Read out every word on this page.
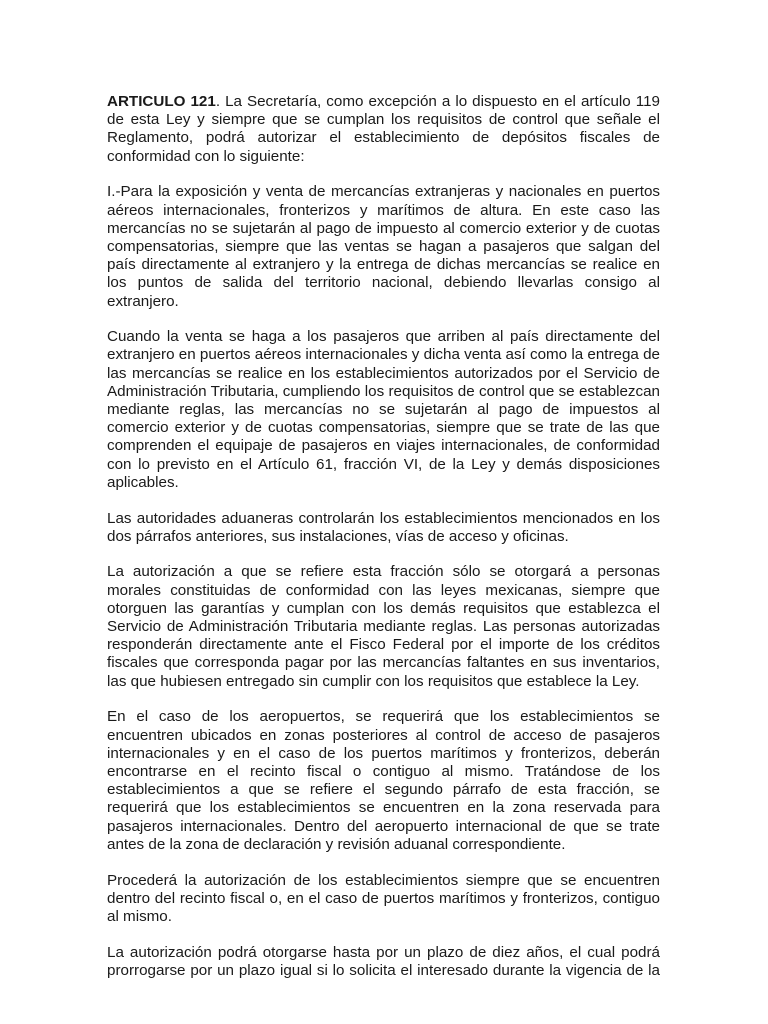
ARTICULO 121. La Secretaría, como excepción a lo dispuesto en el artículo 119 de esta Ley y siempre que se cumplan los requisitos de control que señale el Reglamento, podrá autorizar el establecimiento de depósitos fiscales de conformidad con lo siguiente:

I.-Para la exposición y venta de mercancías extranjeras y nacionales en puertos aéreos internacionales, fronterizos y marítimos de altura. En este caso las mercancías no se sujetarán al pago de impuesto al comercio exterior y de cuotas compensatorias, siempre que las ventas se hagan a pasajeros que salgan del país directamente al extranjero y la entrega de dichas mercancías se realice en los puntos de salida del territorio nacional, debiendo llevarlas consigo al extranjero.

Cuando la venta se haga a los pasajeros que arriben al país directamente del extranjero en puertos aéreos internacionales y dicha venta así como la entrega de las mercancías se realice en los establecimientos autorizados por el Servicio de Administración Tributaria, cumpliendo los requisitos de control que se establezcan mediante reglas, las mercancías no se sujetarán al pago de impuestos al comercio exterior y de cuotas compensatorias, siempre que se trate de las que comprenden el equipaje de pasajeros en viajes internacionales, de conformidad con lo previsto en el Artículo 61, fracción VI, de la Ley y demás disposiciones aplicables.

Las autoridades aduaneras controlarán los establecimientos mencionados en los dos párrafos anteriores, sus instalaciones, vías de acceso y oficinas.

La autorización a que se refiere esta fracción sólo se otorgará a personas morales constituidas de conformidad con las leyes mexicanas, siempre que otorguen las garantías y cumplan con los demás requisitos que establezca el Servicio de Administración Tributaria mediante reglas. Las personas autorizadas responderán directamente ante el Fisco Federal por el importe de los créditos fiscales que corresponda pagar por las mercancías faltantes en sus inventarios, las que hubiesen entregado sin cumplir con los requisitos que establece la Ley.

En el caso de los aeropuertos, se requerirá que los establecimientos se encuentren ubicados en zonas posteriores al control de acceso de pasajeros internacionales y en el caso de los puertos marítimos y fronterizos, deberán encontrarse en el recinto fiscal o contiguo al mismo. Tratándose de los establecimientos a que se refiere el segundo párrafo de esta fracción, se requerirá que los establecimientos se encuentren en la zona reservada para pasajeros internacionales. Dentro del aeropuerto internacional de que se trate antes de la zona de declaración y revisión aduanal correspondiente.

Procederá la autorización de los establecimientos siempre que se encuentren dentro del recinto fiscal o, en el caso de puertos marítimos y fronterizos, contiguo al mismo.

La autorización podrá otorgarse hasta por un plazo de diez años, el cual podrá prorrogarse por un plazo igual si lo solicita el interesado durante la vigencia de la
